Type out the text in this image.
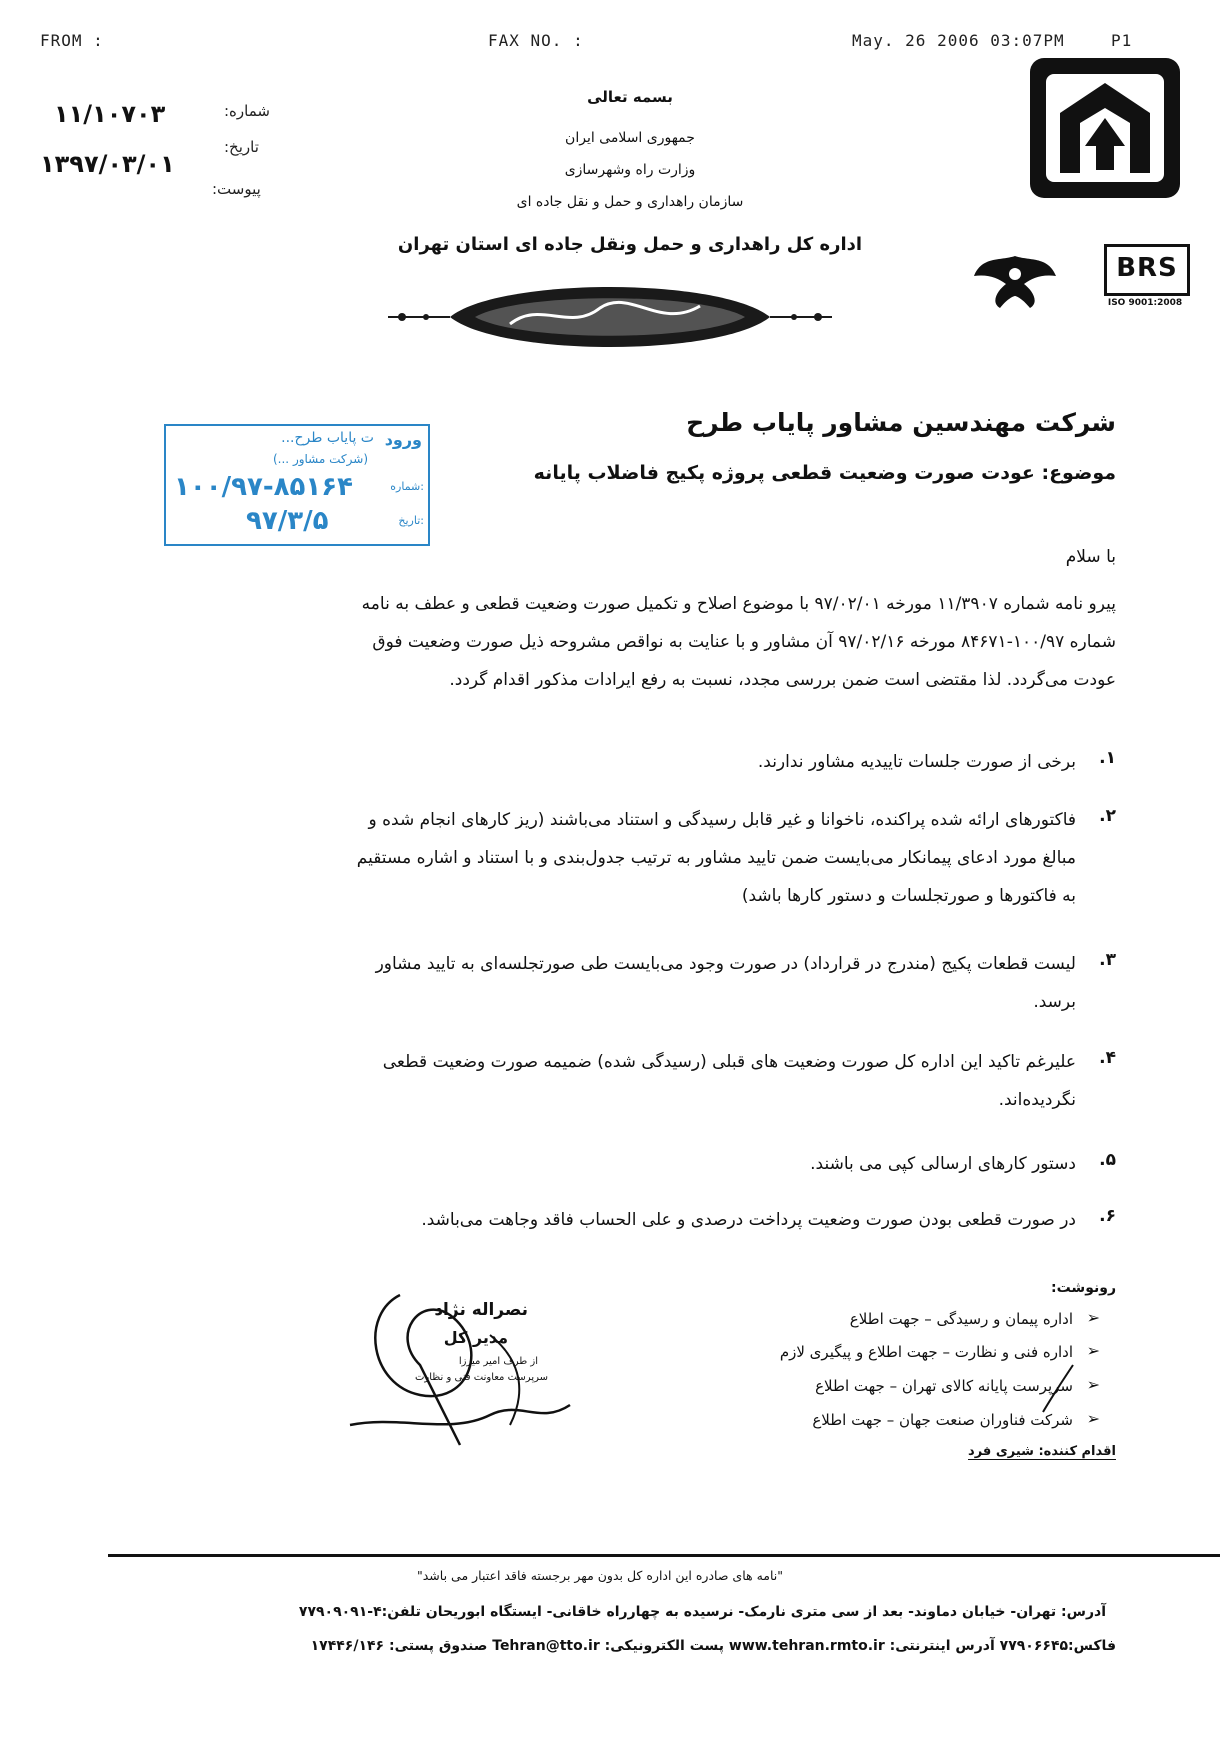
FROM :	FAX NO. :	May. 26 2006 03:07PM	P1
۱۱/۱۰۷۰۳	شماره:
۱۳۹۷/۰۳/۰۱
تاریخ:
پیوست:
بسمه تعالی
جمهوری اسلامی ایران
وزارت راه وشهرسازی
سازمان راهداری و حمل و نقل جاده ای
اداره کل راهداری و حمل ونقل جاده ای استان تهران
BRS
ISO 9001:2008
ورود
...ت پایاب طرح
(... شرکت مشاور)
شماره:
۱۰۰/۹۷-۸۵۱۶۴
تاریخ:
۹۷/۳/۵
شرکت مهندسین مشاور پایاب طرح
موضوع: عودت صورت وضعیت قطعی پروژه پکیج فاضلاب پایانه
با سلام
پیرو نامه شماره ۱۱/۳۹۰۷ مورخه ۹۷/۰۲/۰۱ با موضوع اصلاح و تکمیل صورت وضعیت قطعی و عطف به نامه
شماره ۱۰۰/۹۷-۸۴۶۷۱ مورخه ۹۷/۰۲/۱۶ آن مشاور و با عنایت به نواقص مشروحه ذیل صورت وضعیت فوق
عودت می‌گردد. لذا مقتضی است ضمن بررسی مجدد، نسبت به رفع ایرادات مذکور اقدام گردد.
۱.
برخی از صورت جلسات تاییدیه مشاور ندارند.
۲.
فاکتورهای ارائه شده پراکنده، ناخوانا و غیر قابل رسیدگی و استناد می‌باشند (ریز کارهای انجام شده و
مبالغ مورد ادعای پیمانکار می‌بایست ضمن تایید مشاور به ترتیب جدول‌بندی و با استناد و اشاره مستقیم
به فاکتورها و صورتجلسات و دستور کارها باشد)
۳.
لیست قطعات پکیج (مندرج در قرارداد) در صورت وجود می‌بایست طی صورتجلسه‌ای به تایید مشاور
برسد.
۴.
علیرغم تاکید این اداره کل صورت وضعیت های قبلی (رسیدگی شده) ضمیمه صورت وضعیت قطعی
نگردیده‌اند.
۵.
دستور کارهای ارسالی کپی می باشند.
۶.
در صورت قطعی بودن صورت وضعیت پرداخت درصدی و علی الحساب فاقد وجاهت می‌باشد.
نصراله نژاد
مدیر کل
از طرف امیر میرزا
سرپرست معاونت فنی و نظارت
رونوشت:
➢
اداره پیمان و رسیدگی – جهت اطلاع
➢
اداره فنی و نظارت – جهت اطلاع و پیگیری لازم
➢
سرپرست پایانه کالای تهران – جهت اطلاع
➢
شرکت فناوران صنعت جهان – جهت اطلاع
اقدام کننده: شیری فرد
"نامه های صادره این اداره کل بدون مهر برجسته فاقد اعتبار می باشد"
آدرس: تهران- خیابان دماوند- بعد از سی متری نارمک- نرسیده به چهارراه خاقانی- ایستگاه ابوریحان تلفن:۴-۷۷۹۰۹۰۹۱
فاکس:۷۷۹۰۶۶۴۵ آدرس اینترنتی: www.tehran.rmto.ir پست الکترونیکی: Tehran@tto.ir صندوق پستی: ۱۷۴۴۶/۱۴۶
